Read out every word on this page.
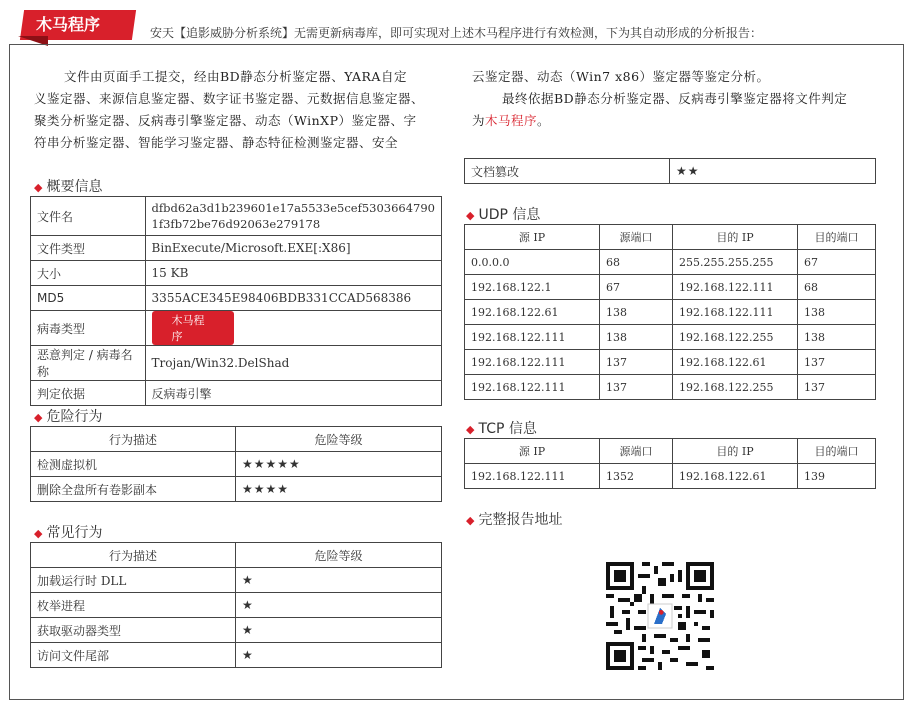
木马程序	安天【追影威胁分析系统】无需更新病毒库，即可实现对上述木马程序进行有效检测，下为其自动形成的分析报告：
文件由页面手工提交，经由BD静态分析鉴定器、YARA自定
义鉴定器、来源信息鉴定器、数字证书鉴定器、元数据信息鉴定器、
聚类分析鉴定器、反病毒引擎鉴定器、动态（WinXP）鉴定器、字
符串分析鉴定器、智能学习鉴定器、静态特征检测鉴定器、安全
云鉴定器、动态（Win7 x86）鉴定器等鉴定分析。
最终依据BD静态分析鉴定器、反病毒引擎鉴定器将文件判定
为木马程序。
◆ 概要信息
文件名	dfbd62a3d1b239601e17a5533e5cef5303664790
1f3fb72be76d92063e279178
文件类型	BinExecute/Microsoft.EXE[:X86]
大小	15 KB
MD5	3355ACE345E98406BDB331CCAD568386
病毒类型	木马程序
恶意判定 / 病毒名称	Trojan/Win32.DelShad
判定依据	反病毒引擎
◆ 危险行为
行为描述	危险等级
检测虚拟机	★★★★★
删除全盘所有卷影副本	★★★★
◆ 常见行为
行为描述	危险等级
加载运行时 DLL	★
枚举进程	★
获取驱动器类型	★
访问文件尾部	★
文档篡改	★★
◆ UDP 信息
源 IP	源端口	目的 IP	目的端口
0.0.0.0	68	255.255.255.255	67
192.168.122.1	67	192.168.122.111	68
192.168.122.61	138	192.168.122.111	138
192.168.122.111	138	192.168.122.255	138
192.168.122.111	137	192.168.122.61	137
192.168.122.111	137	192.168.122.255	137
◆ TCP 信息
源 IP	源端口	目的 IP	目的端口
192.168.122.111	1352	192.168.122.61	139
◆ 完整报告地址
